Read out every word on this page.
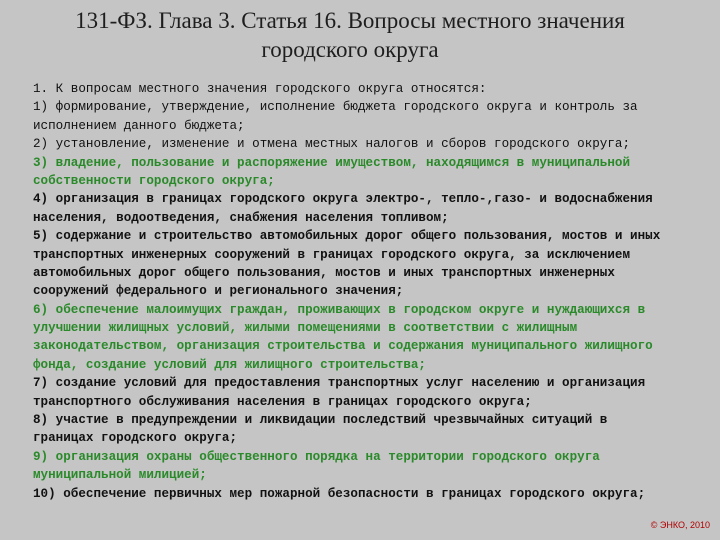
131-ФЗ. Глава 3. Статья 16. Вопросы местного значения
городского округа
1. К вопросам местного значения городского округа относятся:
1) формирование, утверждение, исполнение бюджета городского округа и контроль за
исполнением данного бюджета;
2) установление, изменение и отмена местных налогов и сборов городского округа;
3) владение, пользование и распоряжение имуществом, находящимся в муниципальной
собственности городского округа;
4) организация в границах городского округа электро-, тепло-,газо- и водоснабжения
населения, водоотведения, снабжения населения топливом;
5) содержание и строительство автомобильных дорог общего пользования, мостов и иных
транспортных инженерных сооружений в границах городского округа, за исключением
автомобильных дорог общего пользования, мостов и иных транспортных инженерных
сооружений федерального и регионального значения;
6) обеспечение малоимущих граждан, проживающих в городском округе и нуждающихся в
улучшении жилищных условий, жилыми помещениями в соответствии с жилищным
законодательством, организация строительства и содержания муниципального жилищного
фонда, создание условий для жилищного строительства;
7) создание условий для предоставления транспортных услуг населению и организация
транспортного обслуживания населения в границах городского округа;
8) участие в предупреждении и ликвидации последствий чрезвычайных ситуаций в
границах городского округа;
9) организация охраны общественного порядка на территории городского округа
муниципальной милицией;
10) обеспечение первичных мер пожарной безопасности в границах городского округа;
© ЭНКО, 2010
